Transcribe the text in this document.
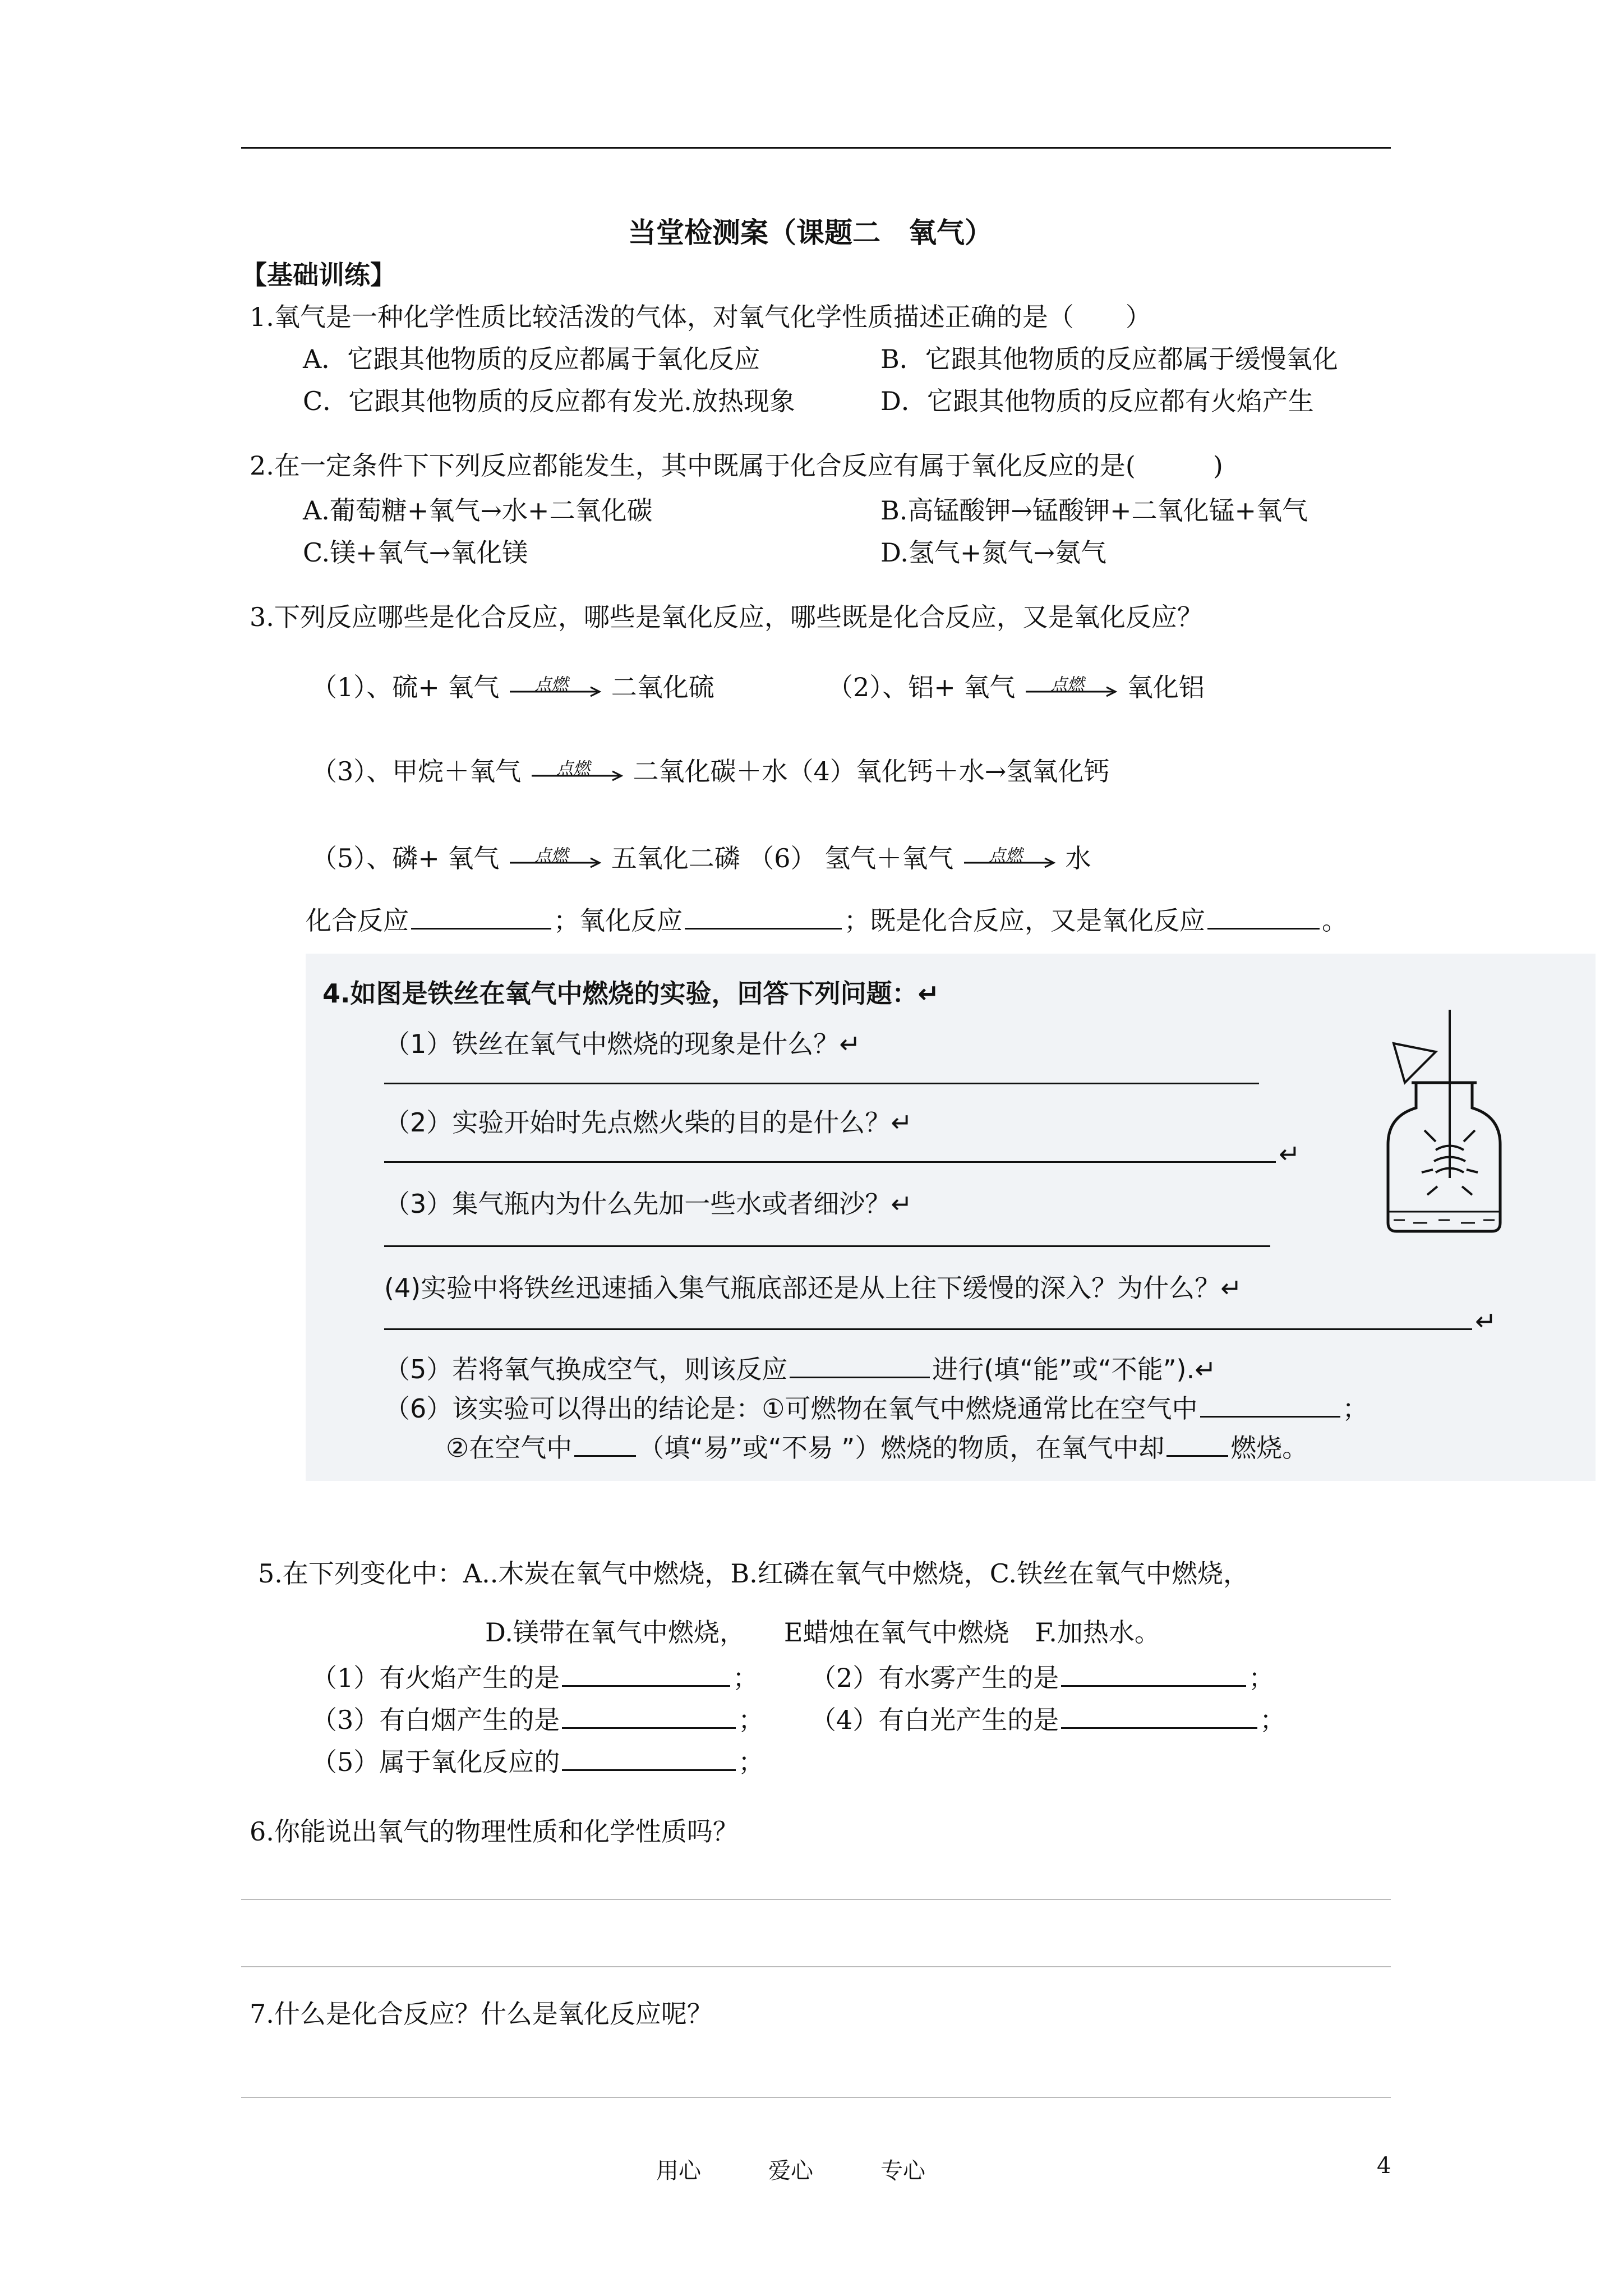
当堂检测案（课题二　氧气）
【基础训练】
1.氧气是一种化学性质比较活泼的气体，对氧气化学性质描述正确的是（　　）
A．它跟其他物质的反应都属于氧化反应	B．它跟其他物质的反应都属于缓慢氧化
C．它跟其他物质的反应都有发光.放热现象	D．它跟其他物质的反应都有火焰产生
2.在一定条件下下列反应都能发生，其中既属于化合反应有属于氧化反应的是(　　　)
A.葡萄糖+氧气→水+二氧化碳	B.高锰酸钾→锰酸钾+二氧化锰+氧气
C.镁+氧气→氧化镁	D.氢气+氮气→氨气
3.下列反应哪些是化合反应，哪些是氧化反应，哪些既是化合反应，又是氧化反应？
（1）、硫+ 氧气 点燃 二氧化硫	（2）、铝+ 氧气 点燃 氧化铝
（3）、甲烷＋氧气 点燃 二氧化碳＋水（4）氧化钙＋水→氢氧化钙
（5）、磷+ 氧气 点燃 五氧化二磷 （6） 氢气＋氧气 点燃 水
化合反应	；氧化反应	；既是化合反应，又是氧化反应	。
4.如图是铁丝在氧气中燃烧的实验，回答下列问题：↵
（1）铁丝在氧气中燃烧的现象是什么？↵
（2）实验开始时先点燃火柴的目的是什么？↵
↵
（3）集气瓶内为什么先加一些水或者细沙？↵
(4)实验中将铁丝迅速插入集气瓶底部还是从上往下缓慢的深入？为什么？↵
↵
（5）若将氧气换成空气，则该反应	进行(填“能”或“不能”).↵
（6）该实验可以得出的结论是：①可燃物在氧气中燃烧通常比在空气中	；
②在空气中	（填“易”或“不易 ”）燃烧的物质，在氧气中却	燃烧。
5.在下列变化中：A..木炭在氧气中燃烧，B.红磷在氧气中燃烧，C.铁丝在氧气中燃烧，
D.镁带在氧气中燃烧，　　E蜡烛在氧气中燃烧　F.加热水。
（1）有火焰产生的是	； （2）有水雾产生的是	；
（3）有白烟产生的是	； （4）有白光产生的是	；
（5）属于氧化反应的	；
6.你能说出氧气的物理性质和化学性质吗？
7.什么是化合反应？什么是氧化反应呢？
用心　　　爱心　　　专心	4
